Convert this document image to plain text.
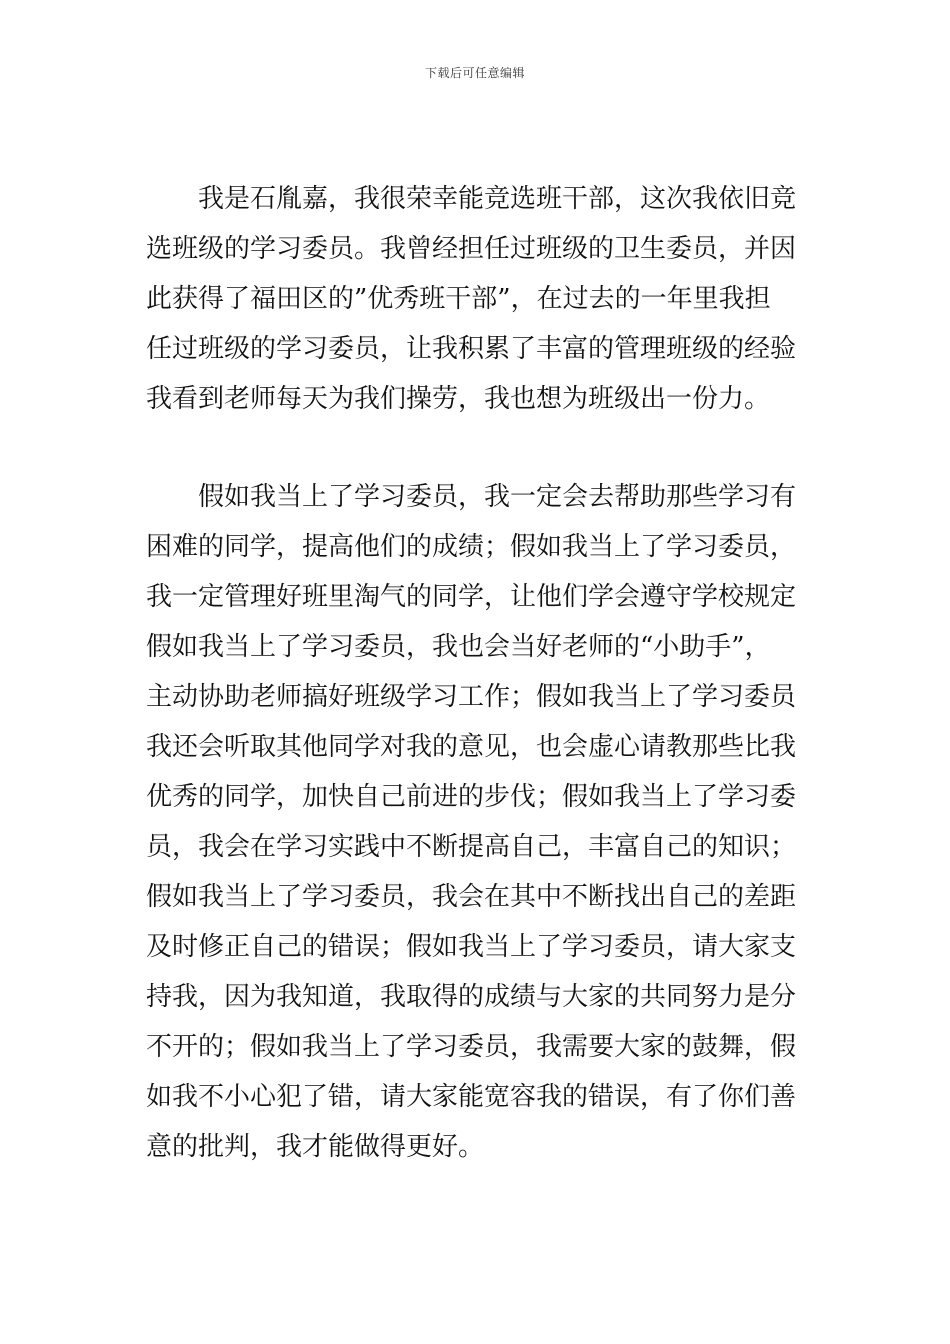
下载后可任意编辑
我是石胤嘉，我很荣幸能竞选班干部，这次我依旧竞
选班级的学习委员。我曾经担任过班级的卫生委员，并因
此获得了福田区的”优秀班干部”，在过去的一年里我担
任过班级的学习委员，让我积累了丰富的管理班级的经验
我看到老师每天为我们操劳，我也想为班级出一份力。
假如我当上了学习委员，我一定会去帮助那些学习有
困难的同学，提高他们的成绩；假如我当上了学习委员，
我一定管理好班里淘气的同学，让他们学会遵守学校规定
假如我当上了学习委员，我也会当好老师的“小助手”，
主动协助老师搞好班级学习工作；假如我当上了学习委员
我还会听取其他同学对我的意见，也会虚心请教那些比我
优秀的同学，加快自己前进的步伐；假如我当上了学习委
员，我会在学习实践中不断提高自己，丰富自己的知识；
假如我当上了学习委员，我会在其中不断找出自己的差距
及时修正自己的错误；假如我当上了学习委员，请大家支
持我，因为我知道，我取得的成绩与大家的共同努力是分
不开的；假如我当上了学习委员，我需要大家的鼓舞，假
如我不小心犯了错，请大家能宽容我的错误，有了你们善
意的批判，我才能做得更好。
